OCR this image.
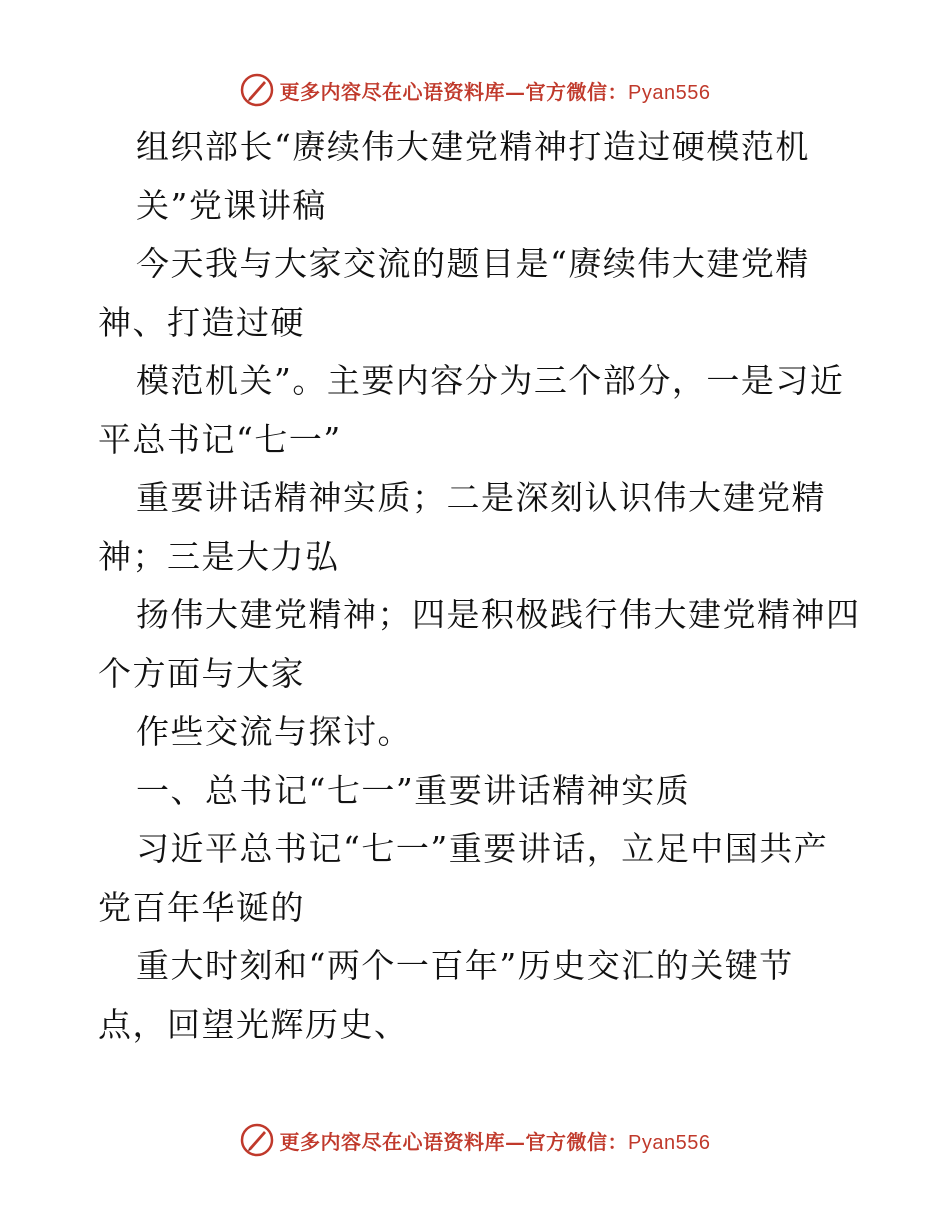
更多内容尽在心语资料库—官方微信：Pyan556
组织部长“赓续伟大建党精神打造过硬模范机
关”党课讲稿
今天我与大家交流的题目是“赓续伟大建党精
神、打造过硬
模范机关”。主要内容分为三个部分，一是习近
平总书记“七一”
重要讲话精神实质；二是深刻认识伟大建党精
神；三是大力弘
扬伟大建党精神；四是积极践行伟大建党精神四
个方面与大家
作些交流与探讨。
一、总书记“七一”重要讲话精神实质
习近平总书记“七一”重要讲话，立足中国共产
党百年华诞的
重大时刻和“两个一百年”历史交汇的关键节
点，回望光辉历史、
更多内容尽在心语资料库—官方微信：Pyan556
